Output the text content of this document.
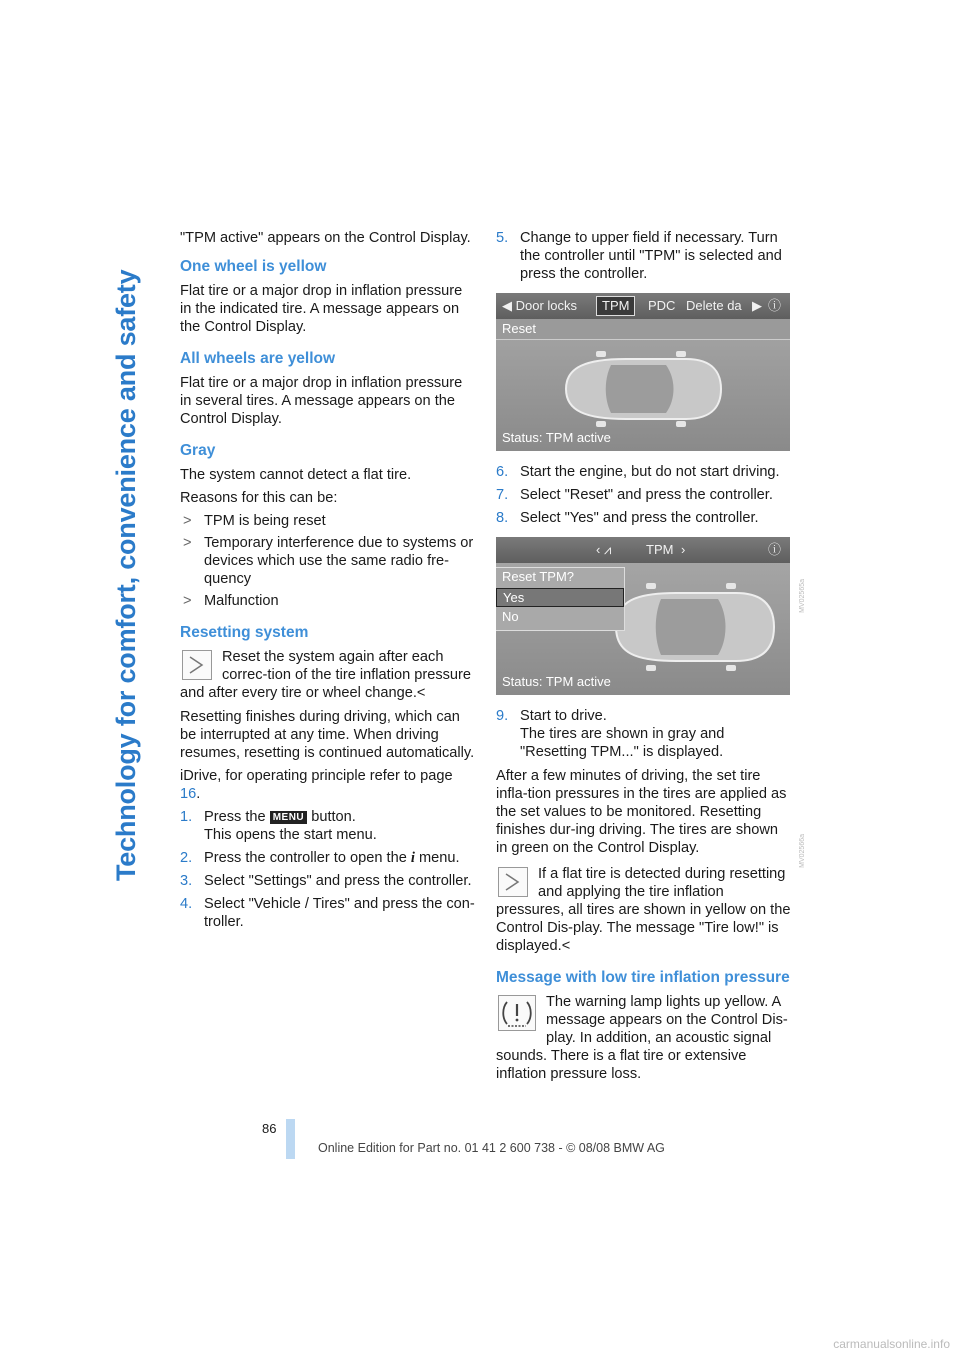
Technology for comfort, convenience and safety

"TPM active" appears on the Control Display.

One wheel is yellow

Flat tire or a major drop in inflation pressure in the indicated tire. A message appears on the Control Display.

All wheels are yellow

Flat tire or a major drop in inflation pressure in several tires. A message appears on the Control Display.

Gray

The system cannot detect a flat tire.

Reasons for this can be:

> TPM is being reset
> Temporary interference due to systems or devices which use the same radio fre-quency
> Malfunction
Resetting system
Reset the system again after each correc-tion of the tire inflation pressure and after every tire or wheel change.<

Resetting finishes during driving, which can be interrupted at any time. When driving resumes, resetting is continued automatically.

iDrive, for operating principle refer to page 16.

1. Press the MENU button.
This opens the start menu.
2. Press the controller to open the i menu.
3. Select "Settings" and press the controller.
4. Select "Vehicle / Tires" and press the con-troller.
5. Change to upper field if necessary. Turn the controller until "TPM" is selected and press the controller.
◀ Door locks	TPM	PDC Delete da ▶ ⓘ
Reset
Status: TPM active
MV02565a
6. Start the engine, but do not start driving.
7. Select "Reset" and press the controller.
8. Select "Yes" and press the controller.
‹ ⩘	TPM ›	ⓘ
Reset TPM?
Yes
No
Status: TPM active
MV02566a
9. Start to drive.
The tires are shown in gray and "Resetting TPM..." is displayed.

After a few minutes of driving, the set tire infla-tion pressures in the tires are applied as the set values to be monitored. Resetting finishes dur-ing driving. The tires are shown in green on the Control Display.

If a flat tire is detected during resetting and applying the tire inflation pressures, all tires are shown in yellow on the Control Dis-play. The message "Tire low!" is displayed.<
Message with low tire inflation pressure
The warning lamp lights up yellow. A message appears on the Control Dis-play. In addition, an acoustic signal sounds. There is a flat tire or extensive inflation pressure loss.
86
Online Edition for Part no. 01 41 2 600 738 - © 08/08 BMW AG
carmanualsonline.info
